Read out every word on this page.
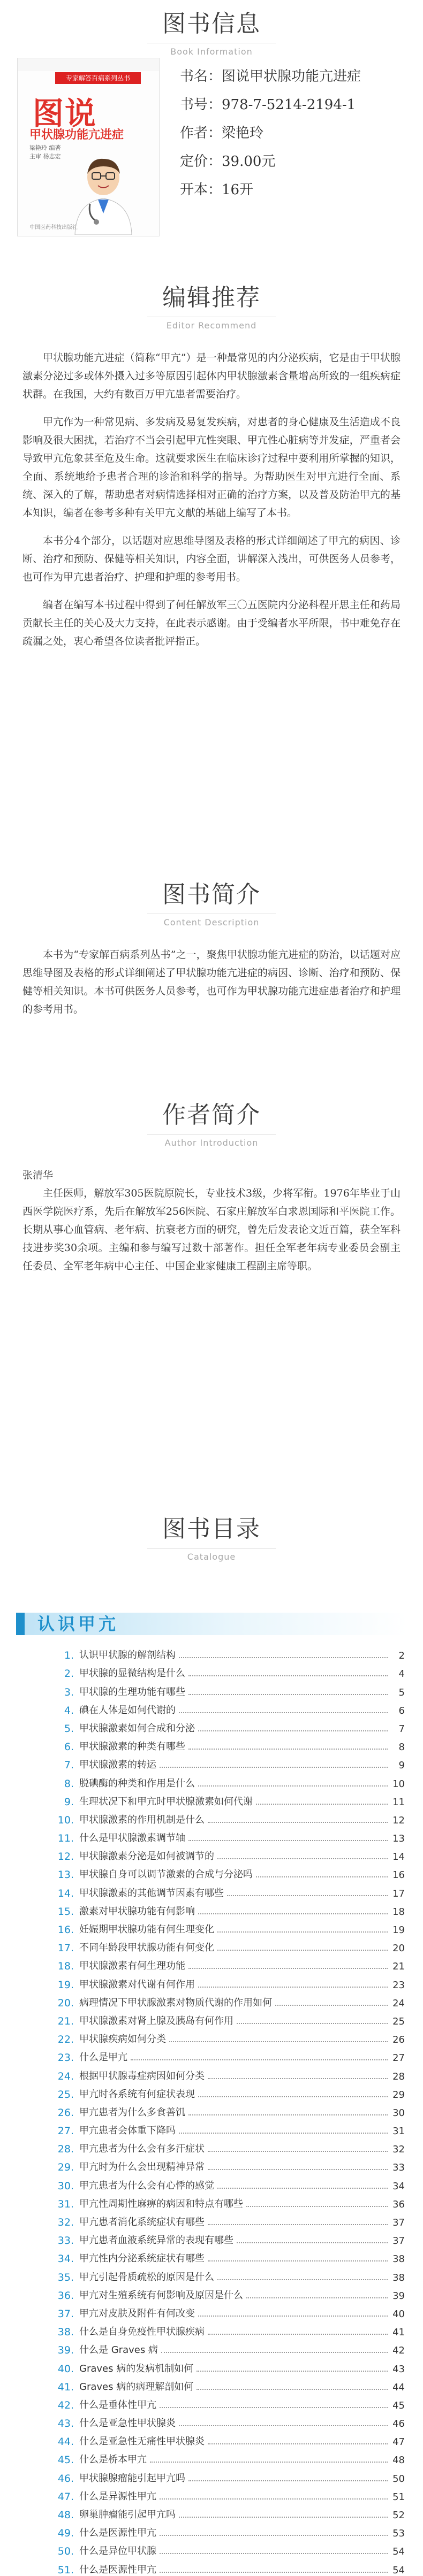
图书信息
Book Information
专家解答百病系列丛书
图说
甲状腺功能亢进症
梁艳玲 编著
主审 杨志宏
中国医药科技出版社
书名：图说甲状腺功能亢进症
书号：978-7-5214-2194-1
作者：梁艳玲
定价：39.00元
开本：16开
编辑推荐
Editor Recommend

甲状腺功能亢进症（简称“甲亢”）是一种最常见的内分泌疾病，它是由于甲状腺激素分泌过多或体外摄入过多等原因引起体内甲状腺激素含量增高所致的一组疾病症状群。在我国，大约有数百万甲亢患者需要治疗。

甲亢作为一种常见病、多发病及易复发疾病，对患者的身心健康及生活造成不良影响及很大困扰，若治疗不当会引起甲亢性突眼、甲亢性心脏病等并发症，严重者会导致甲亢危象甚至危及生命。这就要求医生在临床诊疗过程中要利用所掌握的知识，全面、系统地给予患者合理的诊治和科学的指导。为帮助医生对甲亢进行全面、系统、深入的了解，帮助患者对病情选择相对正确的治疗方案，以及普及防治甲亢的基本知识，编者在参考多种有关甲亢文献的基础上编写了本书。

本书分4个部分，以话题对应思维导图及表格的形式详细阐述了甲亢的病因、诊断、治疗和预防、保健等相关知识，内容全面，讲解深入浅出，可供医务人员参考，也可作为甲亢患者治疗、护理和护理的参考用书。

编者在编写本书过程中得到了何任解放军三〇五医院内分泌科程开思主任和药局贡献长主任的关心及大力支持，在此表示感谢。由于受编者水平所限，书中难免存在疏漏之处，衷心希望各位读者批评指正。

图书简介
Content Description

本书为“专家解百病系列丛书”之一，聚焦甲状腺功能亢进症的防治，以话题对应思维导图及表格的形式详细阐述了甲状腺功能亢进症的病因、诊断、治疗和预防、保健等相关知识。本书可供医务人员参考，也可作为甲状腺功能亢进症患者治疗和护理的参考用书。

作者简介
Author Introduction

张清华

主任医师，解放军305医院原院长，专业技术3级，少将军衔。1976年毕业于山西医学院医疗系，先后在解放军256医院、石家庄解放军白求恩国际和平医院工作。长期从事心血管病、老年病、抗衰老方面的研究，曾先后发表论文近百篇，获全军科技进步奖30余项。主编和参与编写过数十部著作。担任全军老年病专业委员会副主任委员、全军老年病中心主任、中国企业家健康工程副主席等职。

图书目录
Catalogue
认识甲亢
1. 认识甲状腺的解剖结构	2
2. 甲状腺的显微结构是什么	4
3. 甲状腺的生理功能有哪些	5
4. 碘在人体是如何代谢的	6
5. 甲状腺激素如何合成和分泌	7
6. 甲状腺激素的种类有哪些	8
7. 甲状腺激素的转运	9
8. 脱碘酶的种类和作用是什么	10
9. 生理状况下和甲亢时甲状腺激素如何代谢	11
10. 甲状腺激素的作用机制是什么	12
11. 什么是甲状腺激素调节轴	13
12. 甲状腺激素分泌是如何被调节的	14
13. 甲状腺自身可以调节激素的合成与分泌吗	16
14. 甲状腺激素的其他调节因素有哪些	17
15. 激素对甲状腺功能有何影响	18
16. 妊娠期甲状腺功能有何生理变化	19
17. 不同年龄段甲状腺功能有何变化	20
18. 甲状腺激素有何生理功能	21
19. 甲状腺激素对代谢有何作用	23
20. 病理情况下甲状腺激素对物质代谢的作用如何	24
21. 甲状腺激素对肾上腺及胰岛有何作用	25
22. 甲状腺疾病如何分类	26
23. 什么是甲亢	27
24. 根据甲状腺毒症病因如何分类	28
25. 甲亢时各系统有何症状表现	29
26. 甲亢患者为什么多食善饥	30
27. 甲亢患者会体重下降吗	31
28. 甲亢患者为什么会有多汗症状	32
29. 甲亢时为什么会出现精神异常	33
30. 甲亢患者为什么会有心悸的感觉	34
31. 甲亢性周期性麻痹的病因和特点有哪些	36
32. 甲亢患者消化系统症状有哪些	37
33. 甲亢患者血液系统异常的表现有哪些	37
34. 甲亢性内分泌系统症状有哪些	38
35. 甲亢引起骨质疏松的原因是什么	38
36. 甲亢对生殖系统有何影响及原因是什么	39
37. 甲亢对皮肤及附件有何改变	40
38. 什么是自身免疫性甲状腺疾病	41
39. 什么是 Graves 病	42
40. Graves 病的发病机制如何	43
41. Graves 病的病理解剖如何	44
42. 什么是垂体性甲亢	45
43. 什么是亚急性甲状腺炎	46
44. 什么是亚急性无痛性甲状腺炎	47
45. 什么是桥本甲亢	48
46. 甲状腺腺瘤能引起甲亢吗	50
47. 什么是异源性甲亢	51
48. 卵巢肿瘤能引起甲亢吗	52
49. 什么是医源性甲亢	53
50. 什么是异位甲状腺	54
51. 什么是医源性甲亢	54
